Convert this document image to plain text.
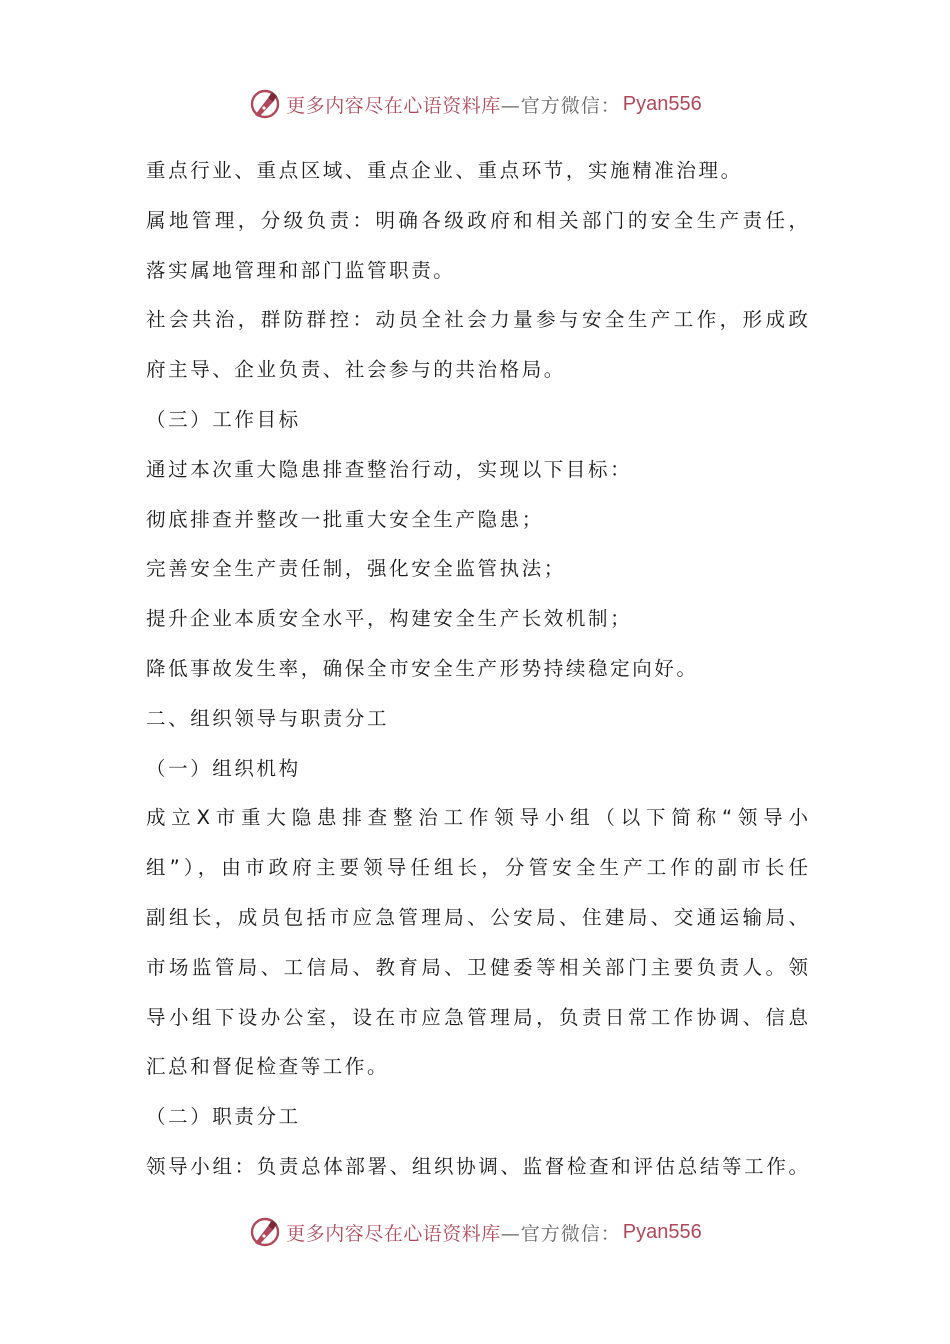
更多内容尽在心语资料库 —官方微信： Pyan556

重点行业、重点区域、重点企业、重点环节，实施精准治理。

属地管理，分级负责：明确各级政府和相关部门的安全生产责任，

落实属地管理和部门监管职责。

社会共治，群防群控：动员全社会力量参与安全生产工作，形成政

府主导、企业负责、社会参与的共治格局。

（三）工作目标

通过本次重大隐患排查整治行动，实现以下目标：

彻底排查并整改一批重大安全生产隐患；

完善安全生产责任制，强化安全监管执法；

提升企业本质安全水平，构建安全生产长效机制；

降低事故发生率，确保全市安全生产形势持续稳定向好。

二、组织领导与职责分工

（一）组织机构

成立X市重大隐患排查整治工作领导小组（以下简称“领导小

组”），由市政府主要领导任组长，分管安全生产工作的副市长任

副组长，成员包括市应急管理局、公安局、住建局、交通运输局、

市场监管局、工信局、教育局、卫健委等相关部门主要负责人。领

导小组下设办公室，设在市应急管理局，负责日常工作协调、信息

汇总和督促检查等工作。

（二）职责分工

领导小组：负责总体部署、组织协调、监督检查和评估总结等工作。

更多内容尽在心语资料库 —官方微信： Pyan556
